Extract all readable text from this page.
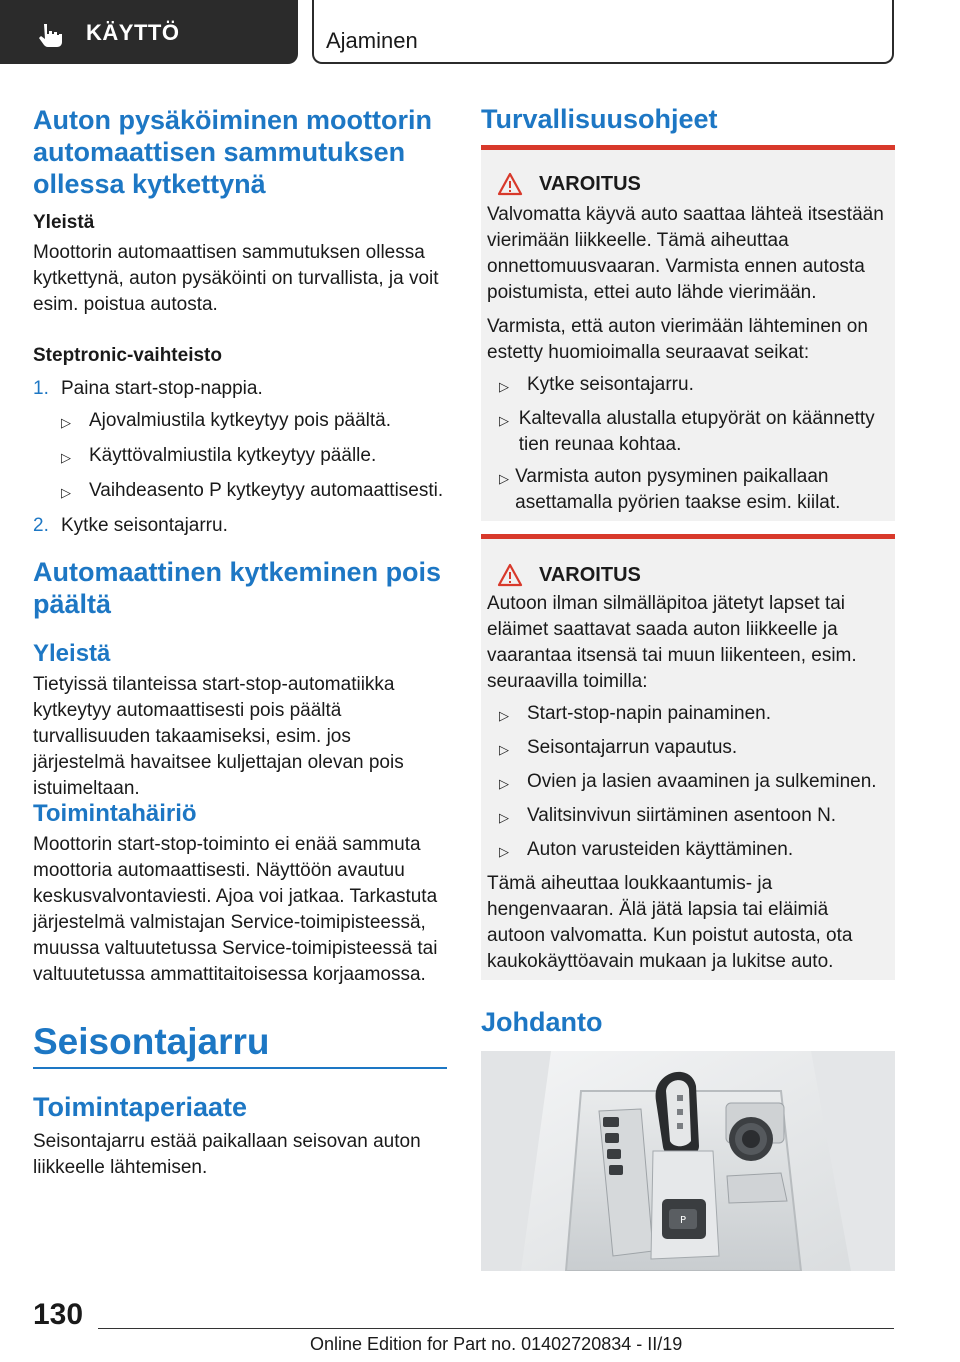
KÄYTTÖ	Ajaminen
Auton pysäköiminen moottorin automaattisen sammutuksen ollessa kytkettynä
Yleistä
Moottorin automaattisen sammutuksen ollessa kytkettynä, auton pysäköinti on turvallista, ja voit esim. poistua autosta.
Steptronic-vaihteisto
1. Paina start-stop-nappia.
▷ Ajovalmiustila kytkeytyy pois päältä.
▷ Käyttövalmiustila kytkeytyy päälle.
▷ Vaihdeasento P kytkeytyy automaattisesti.
2. Kytke seisontajarru.
Automaattinen kytkeminen pois päältä
Yleistä
Tietyissä tilanteissa start-stop-automatiikka kytkeytyy automaattisesti pois päältä turvallisuuden takaamiseksi, esim. jos järjestelmä havaitsee kuljettajan olevan pois istuimeltaan.
Toimintahäiriö
Moottorin start-stop-toiminto ei enää sammuta moottoria automaattisesti. Näyttöön avautuu keskusvalvontaviesti. Ajoa voi jatkaa. Tarkastuta järjestelmä valmistajan Service-toimipisteessä, muussa valtuutetussa Service-toimipisteessä tai valtuutetussa ammattitaitoisessa korjaamossa.
Seisontajarru
Toimintaperiaate
Seisontajarru estää paikallaan seisovan auton liikkeelle lähtemisen.
Turvallisuusohjeet
VAROITUS
Valvomatta käyvä auto saattaa lähteä itsestään vierimään liikkeelle. Tämä aiheuttaa onnettomuusvaaran. Varmista ennen autosta poistumista, ettei auto lähde vierimään.
Varmista, että auton vierimään lähteminen on estetty huomioimalla seuraavat seikat:
▷ Kytke seisontajarru.
▷ Kaltevalla alustalla etupyörät on käännetty tien reunaa kohtaa.
▷ Varmista auton pysyminen paikallaan asettamalla pyörien taakse esim. kiilat.
VAROITUS
Autoon ilman silmälläpitoa jätetyt lapset tai eläimet saattavat saada auton liikkeelle ja vaarantaa itsensä tai muun liikenteen, esim. seuraavilla toimilla:
▷ Start-stop-napin painaminen.
▷ Seisontajarrun vapautus.
▷ Ovien ja lasien avaaminen ja sulkeminen.
▷ Valitsinvivun siirtäminen asentoon N.
▷ Auton varusteiden käyttäminen.
Tämä aiheuttaa loukkaantumis- ja hengenvaaran. Älä jätä lapsia tai eläimiä autoon valvomatta. Kun poistut autosta, ota kaukokäyttöavain mukaan ja lukitse auto.
Johdanto
P
130
Online Edition for Part no. 01402720834 - II/19
